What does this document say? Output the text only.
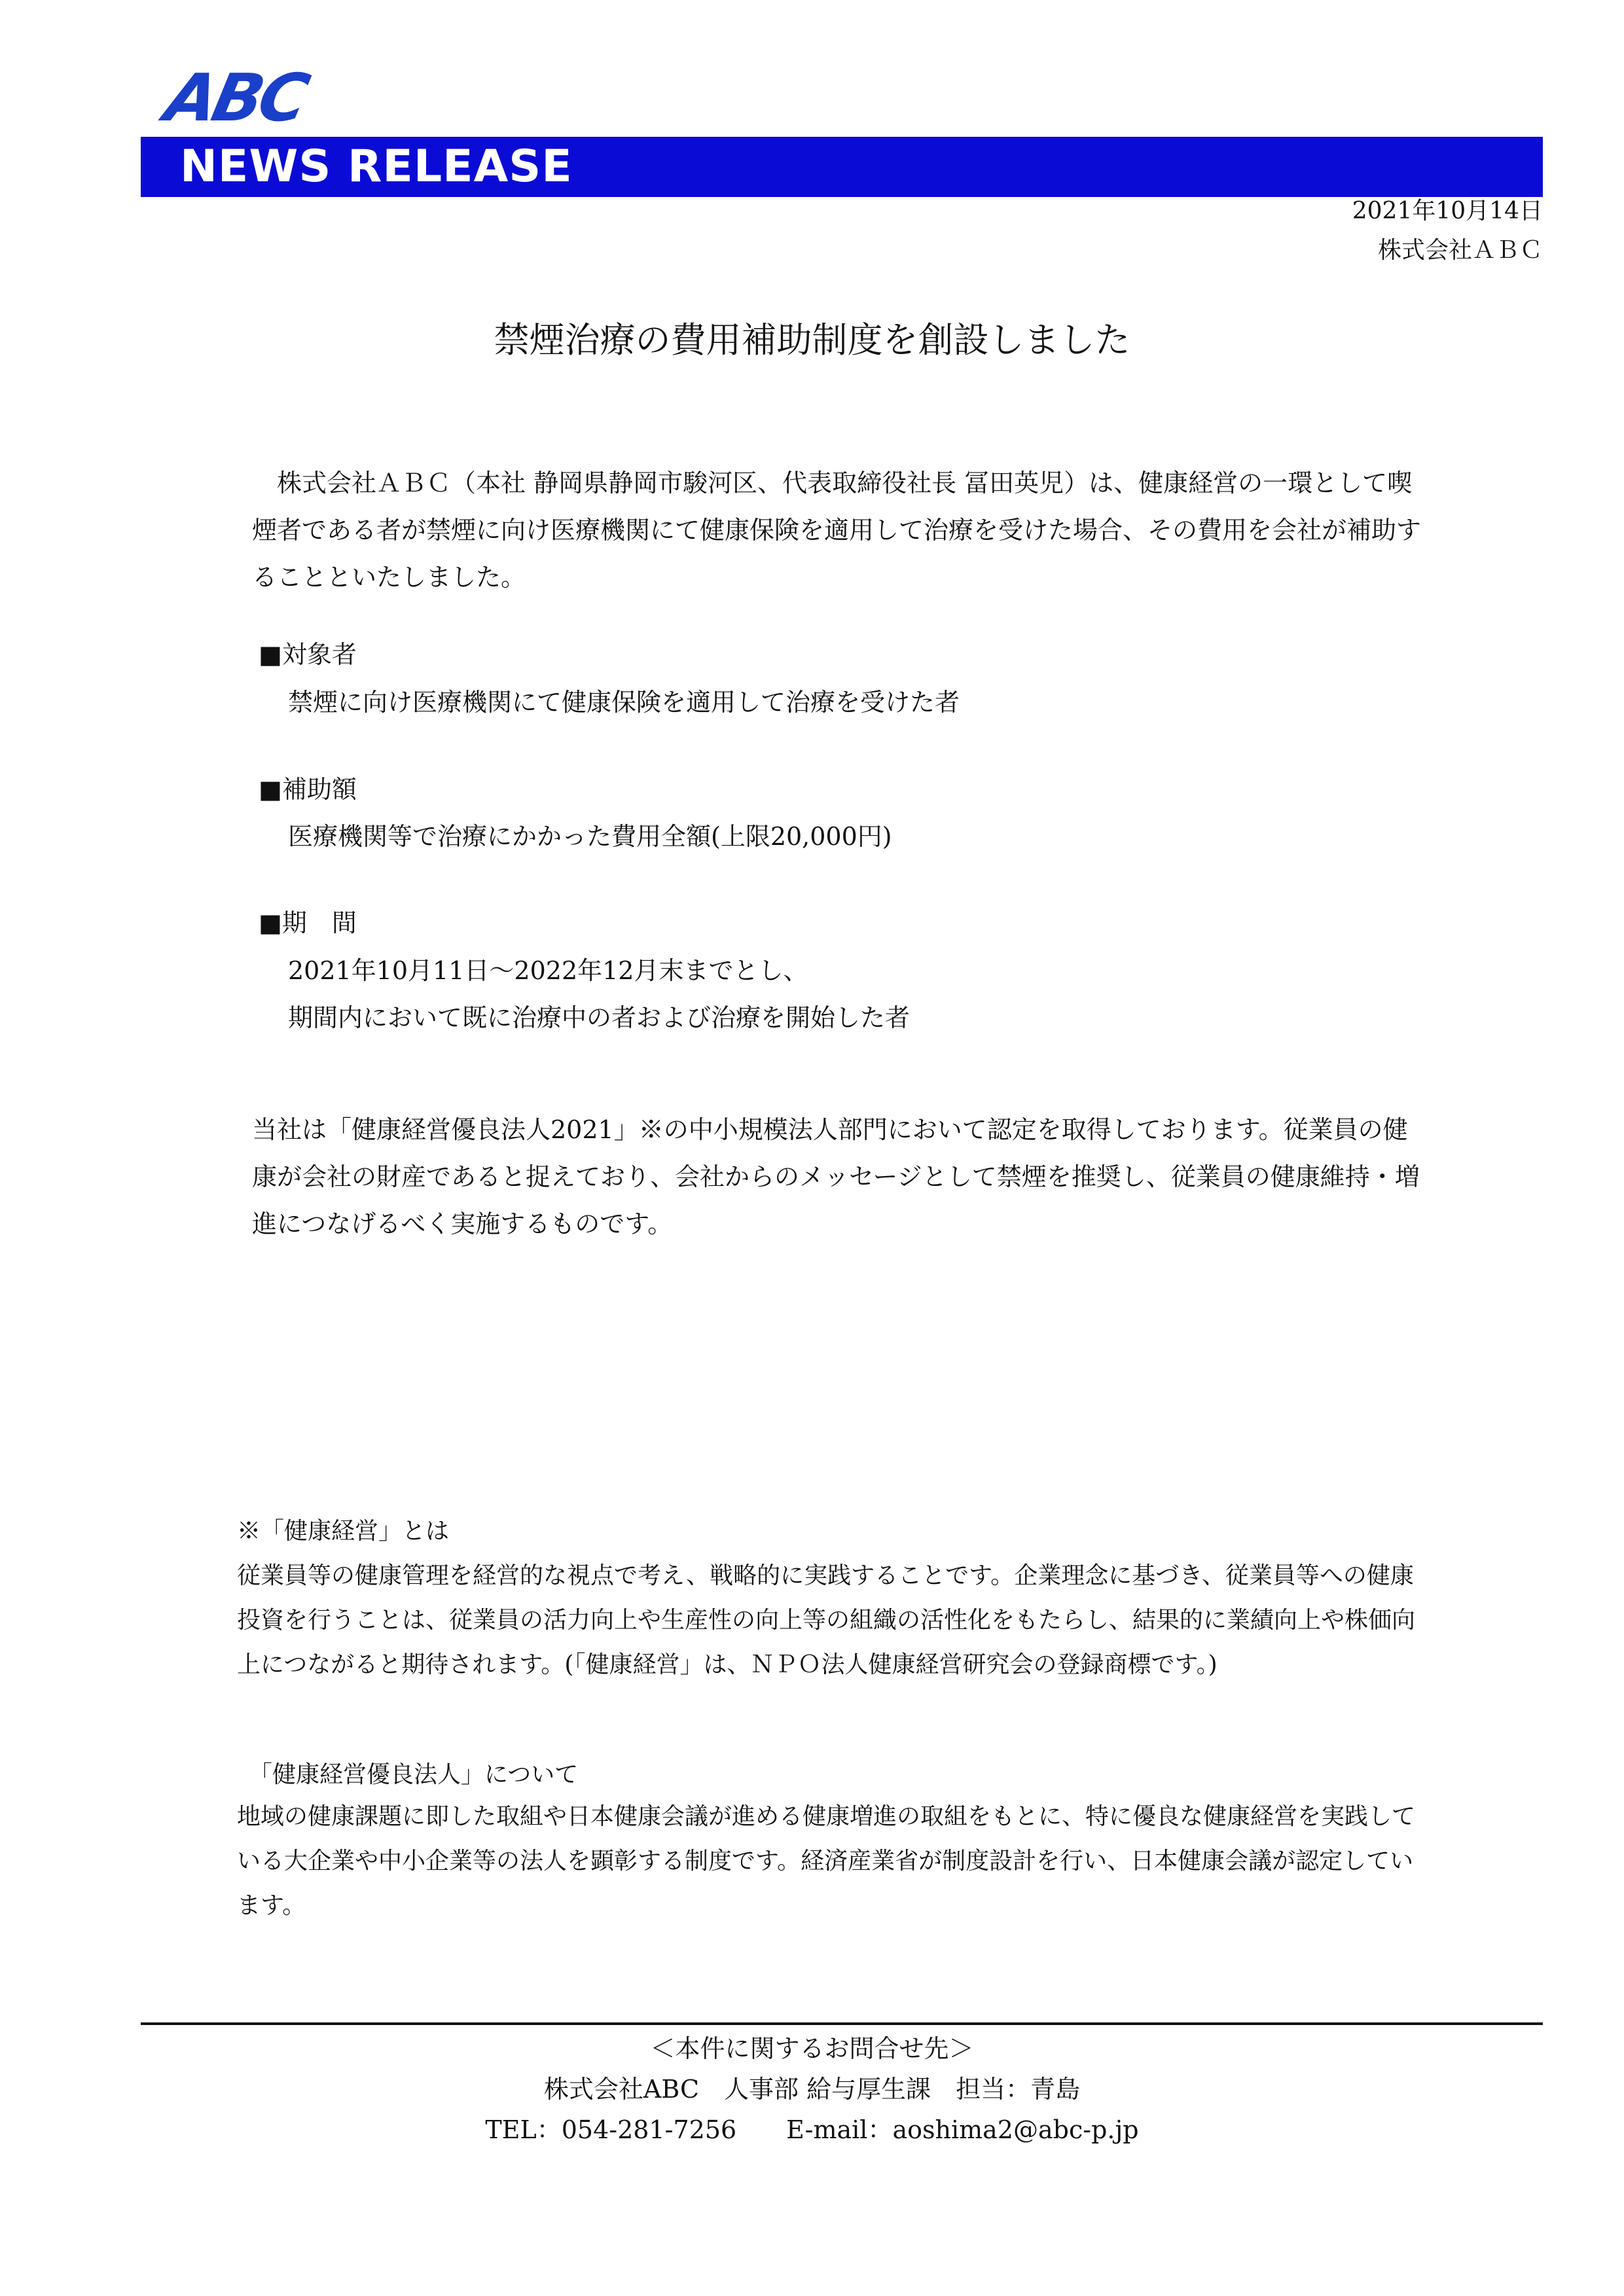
ABC
NEWS RELEASE
2021年10月14日
株式会社ＡＢＣ
禁煙治療の費用補助制度を創設しました

株式会社ＡＢＣ（本社 静岡県静岡市駿河区、代表取締役社長 冨田英児）は、健康経営の一環として喫煙者である者が禁煙に向け医療機関にて健康保険を適用して治療を受けた場合、その費用を会社が補助することといたしました。

■対象者

禁煙に向け医療機関にて健康保険を適用して治療を受けた者

■補助額

医療機関等で治療にかかった費用全額(上限20,000円)

■期　間

2021年10月11日～2022年12月末までとし、

期間内において既に治療中の者および治療を開始した者

当社は「健康経営優良法人2021」※の中小規模法人部門において認定を取得しております。従業員の健康が会社の財産であると捉えており、会社からのメッセージとして禁煙を推奨し、従業員の健康維持・増進につなげるべく実施するものです。

※「健康経営」とは

従業員等の健康管理を経営的な視点で考え、戦略的に実践することです。企業理念に基づき、従業員等への健康投資を行うことは、従業員の活力向上や生産性の向上等の組織の活性化をもたらし、結果的に業績向上や株価向上につながると期待されます。(「健康経営」は、ＮＰＯ法人健康経営研究会の登録商標です。)

「健康経営優良法人」について

地域の健康課題に即した取組や日本健康会議が進める健康増進の取組をもとに、特に優良な健康経営を実践している大企業や中小企業等の法人を顕彰する制度です。経済産業省が制度設計を行い、日本健康会議が認定しています。

＜本件に関するお問合せ先＞
株式会社ABC　人事部 給与厚生課　担当：青島
TEL：054-281-7256　　E-mail：aoshima2@abc-p.jp
